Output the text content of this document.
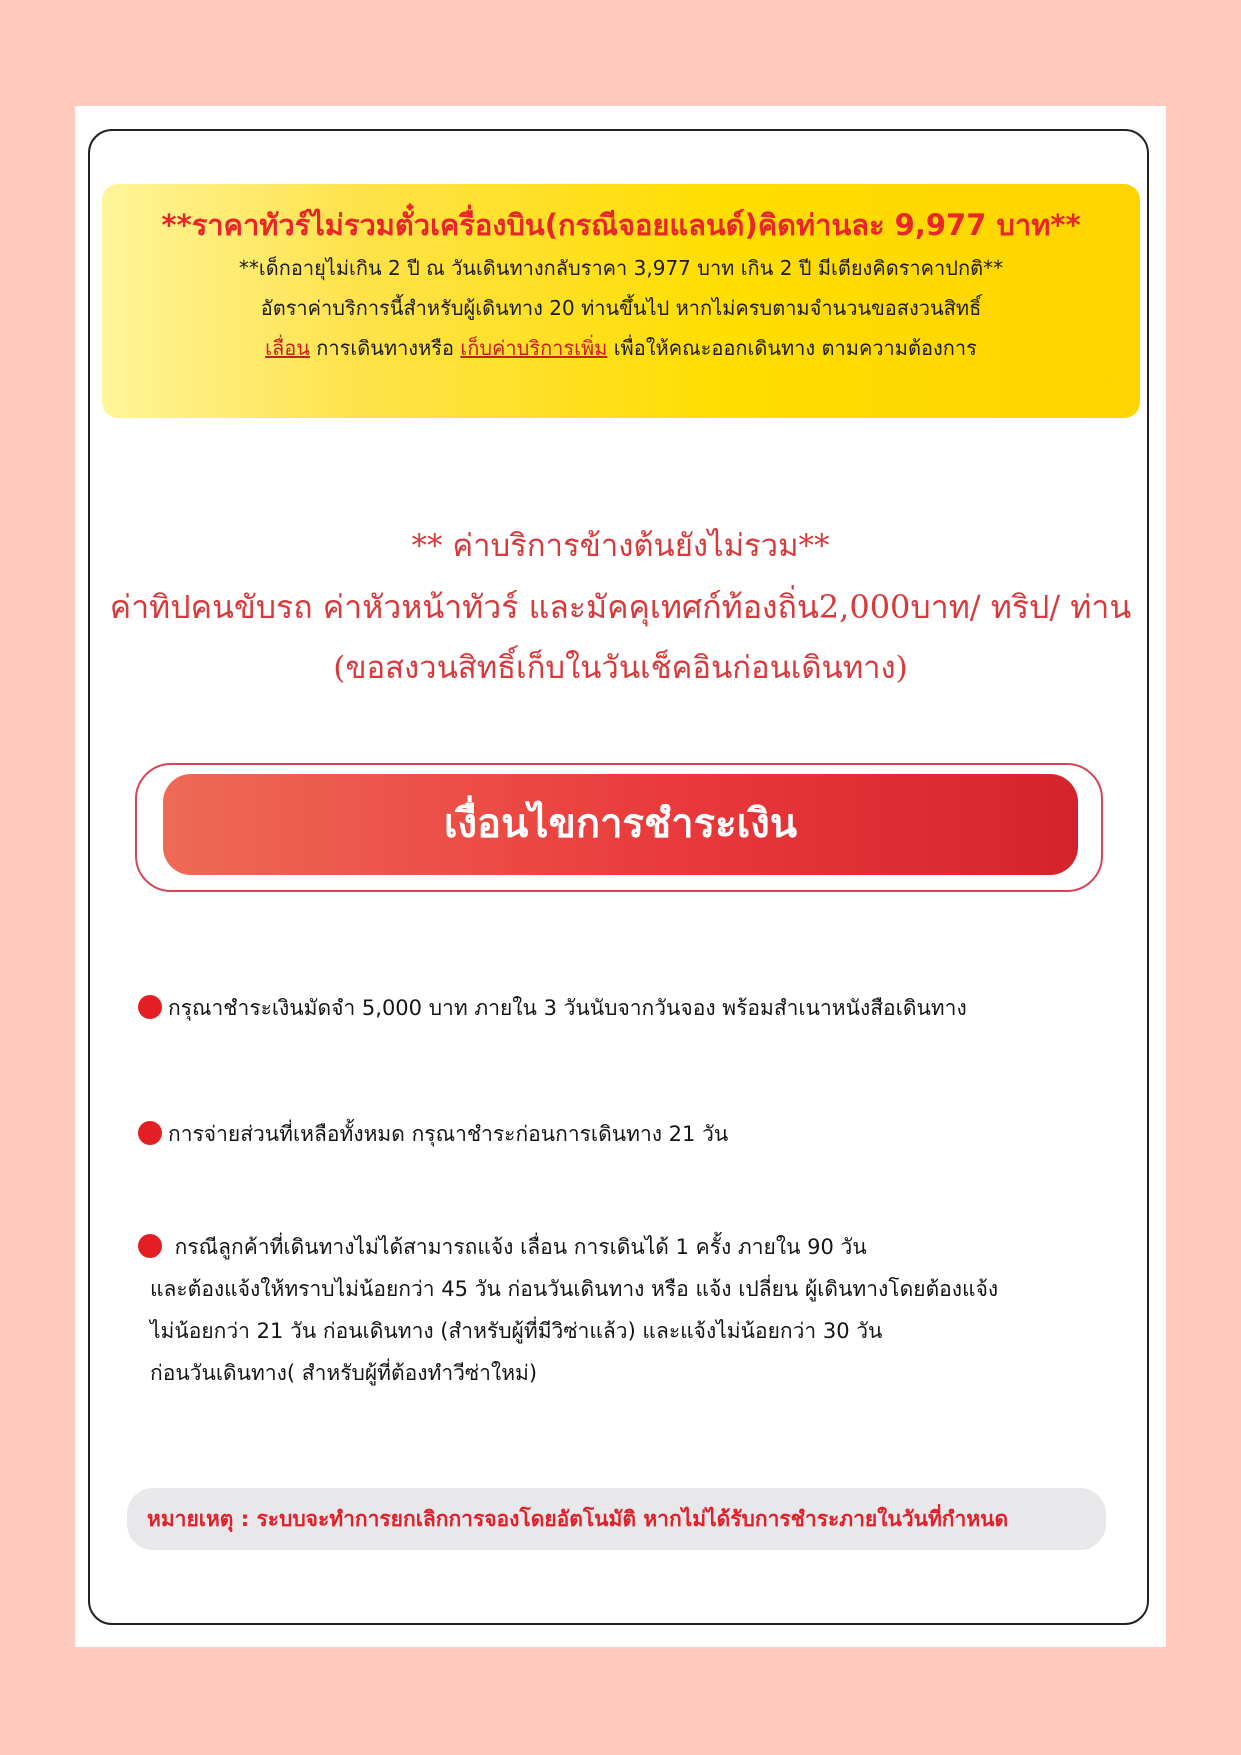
**ราคาทัวร์ไม่รวมตั๋วเครื่องบิน(กรณีจอยแลนด์)คิดท่านละ 9,977 บาท**
**เด็กอายุไม่เกิน 2 ปี ณ วันเดินทางกลับราคา 3,977 บาท เกิน 2 ปี มีเตียงคิดราคาปกติ**
อัตราค่าบริการนี้สำหรับผู้เดินทาง 20 ท่านขึ้นไป หากไม่ครบตามจำนวนขอสงวนสิทธิ์
เลื่อน การเดินทางหรือ เก็บค่าบริการเพิ่ม เพื่อให้คณะออกเดินทาง ตามความต้องการ
** ค่าบริการข้างต้นยังไม่รวม**
ค่าทิปคนขับรถ ค่าหัวหน้าทัวร์ และมัคคุเทศก์ท้องถิ่น2,000บาท/ ทริป/ ท่าน
(ขอสงวนสิทธิ์เก็บในวันเช็คอินก่อนเดินทาง)
เงื่อนไขการชำระเงิน
กรุณาชำระเงินมัดจำ 5,000 บาท ภายใน 3 วันนับจากวันจอง พร้อมสำเนาหนังสือเดินทาง
การจ่ายส่วนที่เหลือทั้งหมด กรุณาชำระก่อนการเดินทาง 21 วัน
กรณีลูกค้าที่เดินทางไม่ได้สามารถแจ้ง เลื่อน การเดินได้ 1 ครั้ง ภายใน 90 วัน
และต้องแจ้งให้ทราบไม่น้อยกว่า 45 วัน ก่อนวันเดินทาง หรือ แจ้ง เปลี่ยน ผู้เดินทางโดยต้องแจ้ง
ไม่น้อยกว่า 21 วัน ก่อนเดินทาง (สำหรับผู้ที่มีวิซ่าแล้ว) และแจ้งไม่น้อยกว่า 30 วัน
ก่อนวันเดินทาง( สำหรับผู้ที่ต้องทำวีซ่าใหม่)
หมายเหตุ : ระบบจะทำการยกเลิกการจองโดยอัตโนมัติ หากไม่ได้รับการชำระภายในวันที่กำหนด
